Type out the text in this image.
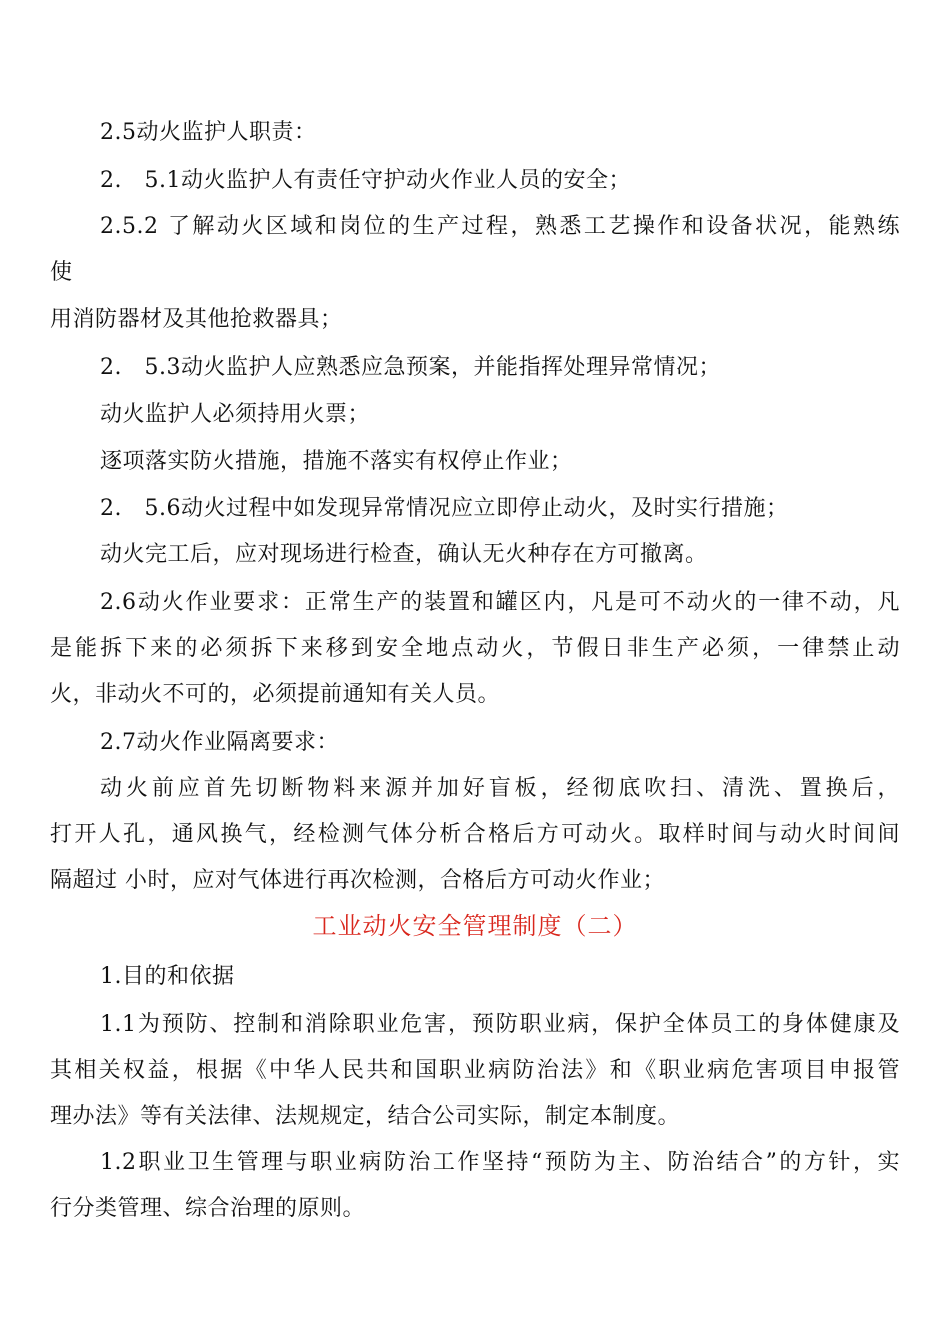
2.5动火监护人职责：
2.　5.1动火监护人有责任守护动火作业人员的安全；
2.5.2 了解动火区域和岗位的生产过程，熟悉工艺操作和设备状况，能熟练
使
用消防器材及其他抢救器具；
2.　5.3动火监护人应熟悉应急预案，并能指挥处理异常情况；
动火监护人必须持用火票；
逐项落实防火措施，措施不落实有权停止作业；
2.　5.6动火过程中如发现异常情况应立即停止动火，及时实行措施；
动火完工后，应对现场进行检查，确认无火种存在方可撤离。
2.6动火作业要求：正常生产的装置和罐区内，凡是可不动火的一律不动，凡
是能拆下来的必须拆下来移到安全地点动火，节假日非生产必须，一律禁止动
火，非动火不可的，必须提前通知有关人员。
2.7动火作业隔离要求：
动火前应首先切断物料来源并加好盲板，经彻底吹扫、清洗、置换后，
打开人孔，通风换气，经检测气体分析合格后方可动火。取样时间与动火时间间
隔超过 小时，应对气体进行再次检测，合格后方可动火作业；
工业动火安全管理制度（二）
1.目的和依据
1.1为预防、控制和消除职业危害，预防职业病，保护全体员工的身体健康及
其相关权益，根据《中华人民共和国职业病防治法》和《职业病危害项目申报管
理办法》等有关法律、法规规定，结合公司实际，制定本制度。
1.2职业卫生管理与职业病防治工作坚持“预防为主、防治结合”的方针，实
行分类管理、综合治理的原则。
